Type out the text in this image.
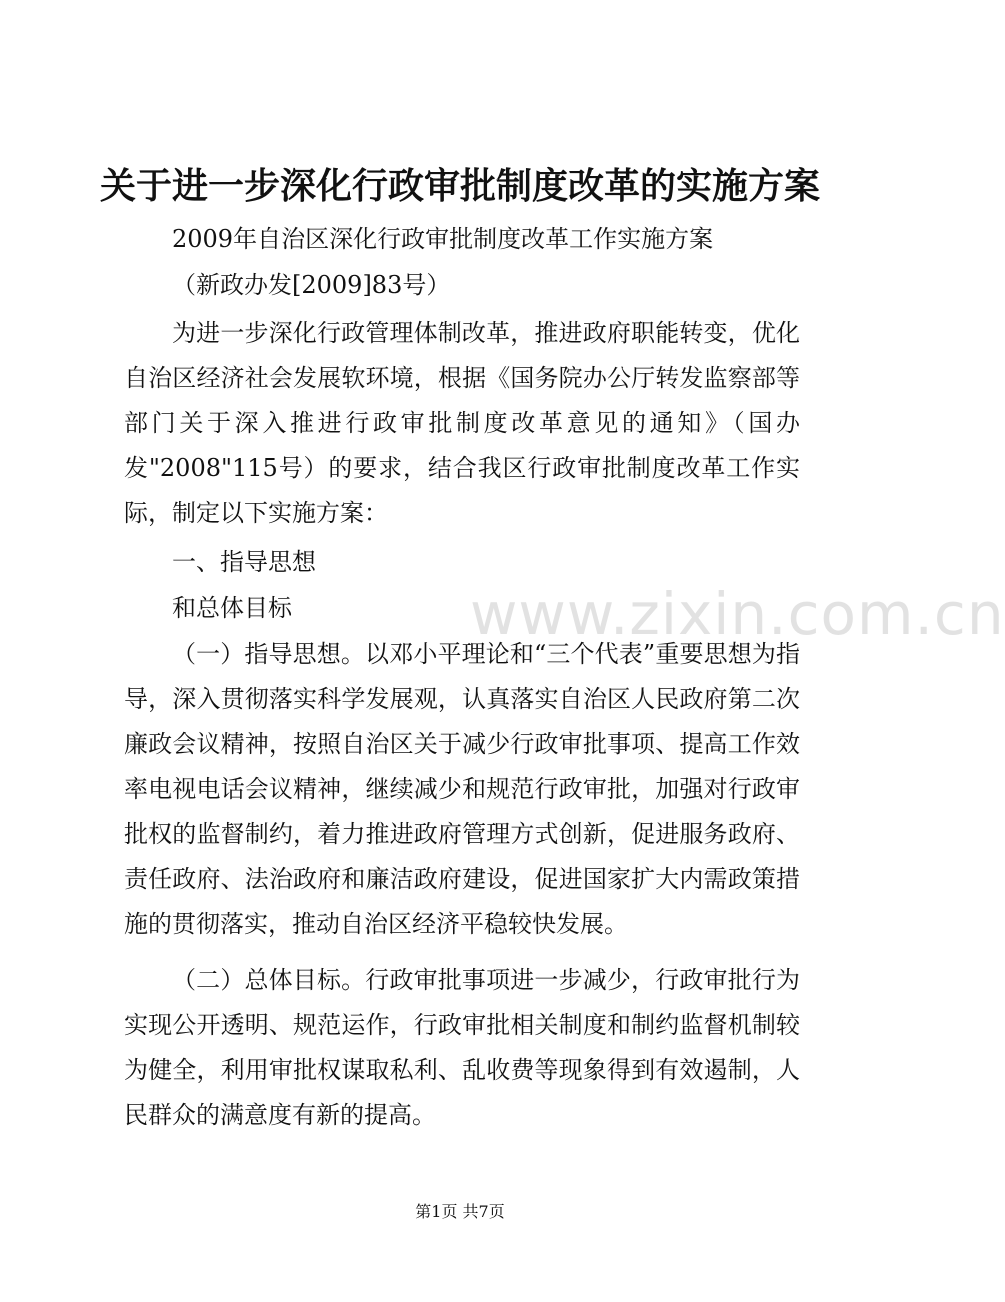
关于进一步深化行政审批制度改革的实施方案
2009年自治区深化行政审批制度改革工作实施方案
（新政办发[2009]83号）
为进一步深化行政管理体制改革，推进政府职能转变，优化自治区经济社会发展软环境，根据《国务院办公厅转发监察部等部门关于深入推进行政审批制度改革意见的通知》（国办发"2008"115号）的要求，结合我区行政审批制度改革工作实际，制定以下实施方案：
一、指导思想
和总体目标
（一）指导思想。以邓小平理论和“三个代表”重要思想为指导，深入贯彻落实科学发展观，认真落实自治区人民政府第二次廉政会议精神，按照自治区关于减少行政审批事项、提高工作效率电视电话会议精神，继续减少和规范行政审批，加强对行政审批权的监督制约，着力推进政府管理方式创新，促进服务政府、责任政府、法治政府和廉洁政府建设，促进国家扩大内需政策措施的贯彻落实，推动自治区经济平稳较快发展。
（二）总体目标。行政审批事项进一步减少，行政审批行为实现公开透明、规范运作，行政审批相关制度和制约监督机制较为健全，利用审批权谋取私利、乱收费等现象得到有效遏制，人民群众的满意度有新的提高。
www.zixin.com.cn
第1页 共7页
